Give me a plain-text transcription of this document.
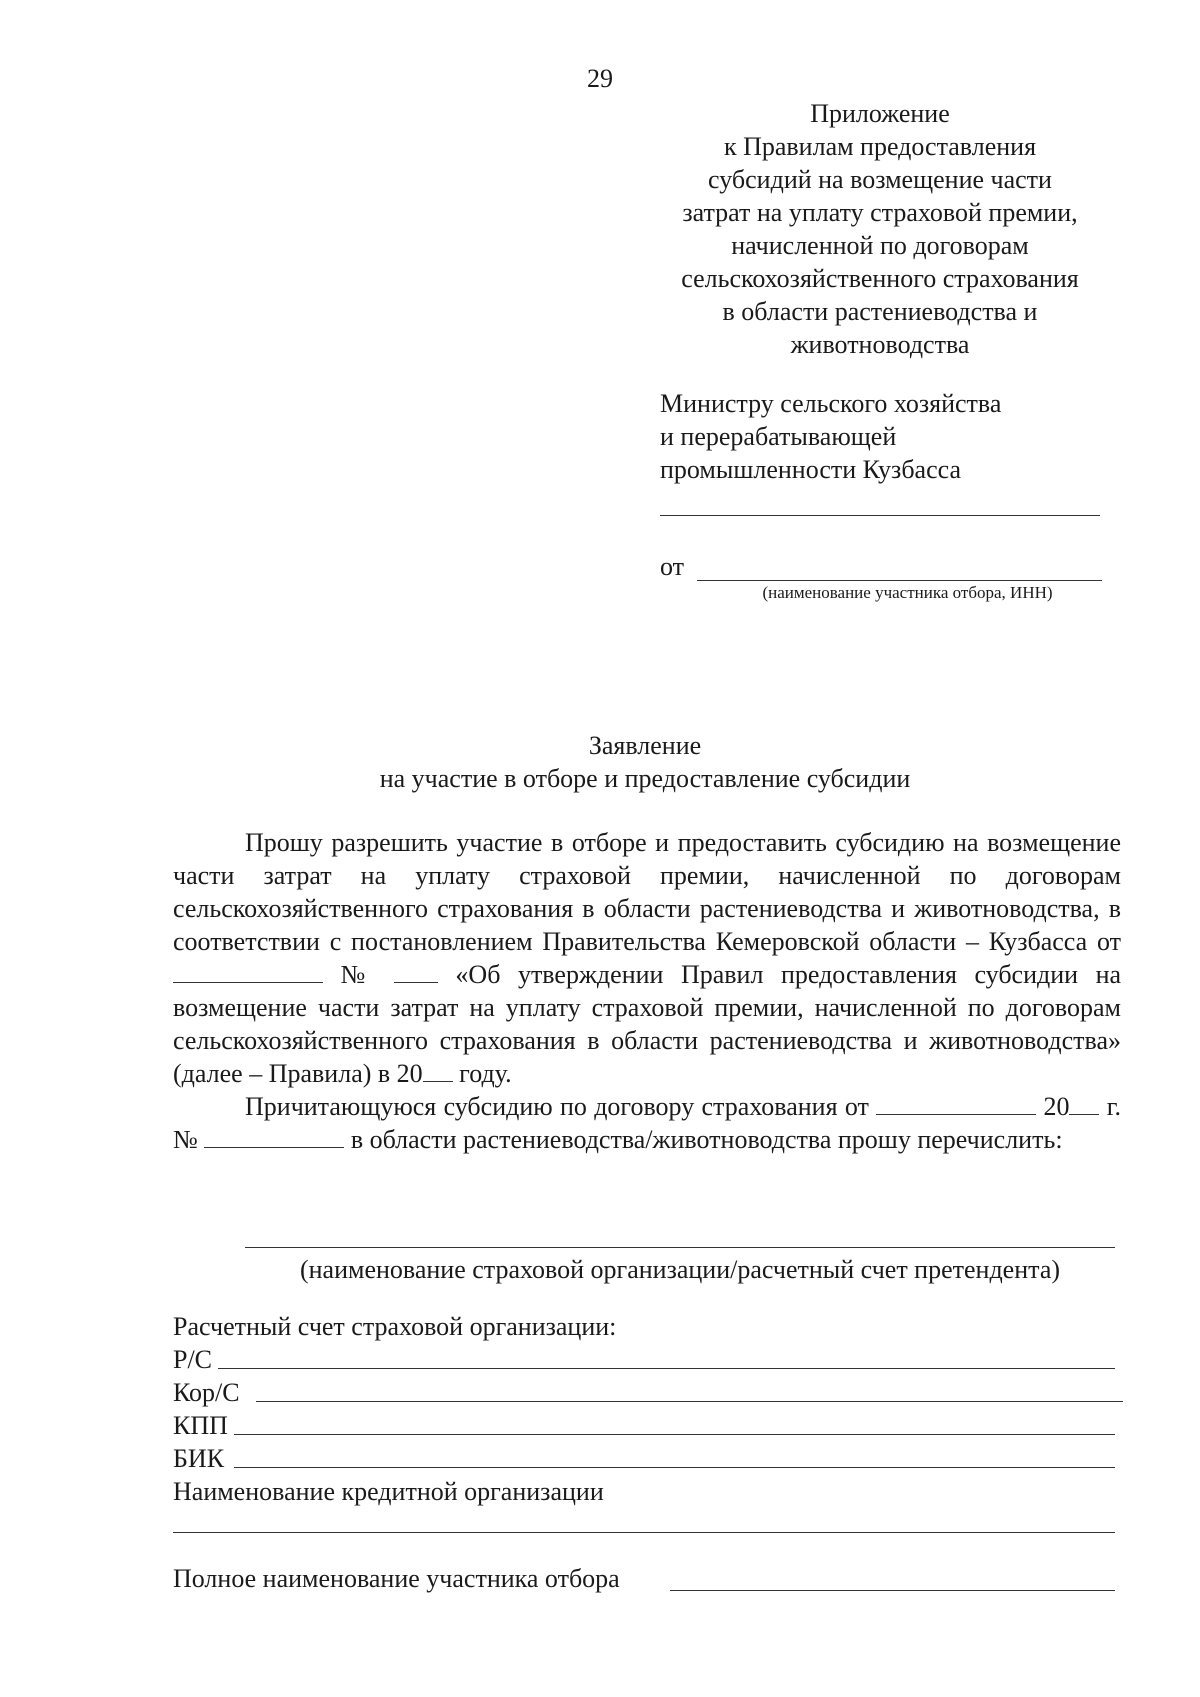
29
Приложение
к Правилам предоставления
субсидий на возмещение части
затрат на уплату страховой премии,
начисленной по договорам
сельскохозяйственного страхования
в области растениеводства и
животноводства
Министру сельского хозяйства
и перерабатывающей
промышленности Кузбасса
от
(наименование участника отбора, ИНН)
Заявление
на участие в отборе и предоставление субсидии

Прошу разрешить участие в отборе и предоставить субсидию на возмещение части затрат на уплату страховой премии, начисленной по договорам сельскохозяйственного страхования в области растениеводства и животноводства, в соответствии с постановлением Правительства Кемеровской области – Кузбасса от  №	«Об утверждении Правил предоставления субсидии на возмещение части затрат на уплату страховой премии, начисленной по договорам сельскохозяйственного страхования в области растениеводства и животноводства» (далее – Правила) в 20 году.

Причитающуюся субсидию по договору страхования от	20 г. №	в области растениеводства/животноводства прошу перечислить:

(наименование страховой организации/расчетный счет претендента)
Расчетный счет страховой организации:
Р/С
Кор/С
КПП
БИК
Наименование кредитной организации
Полное наименование участника отбора
